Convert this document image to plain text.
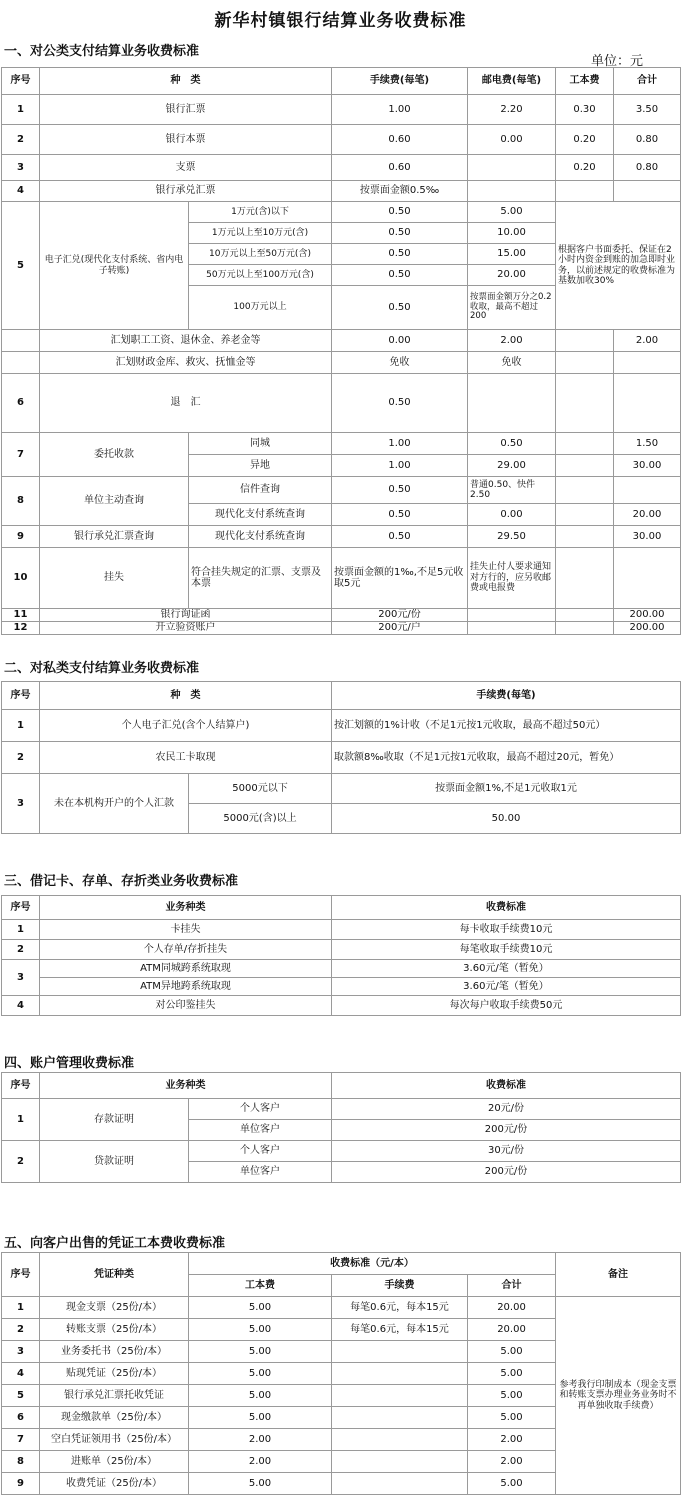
新华村镇银行结算业务收费标准
一、对公类支付结算业务收费标准
单位：元
序号	种　类		手续费(每笔)	邮电费(每笔)	工本费	合计
1	银行汇票		1.00	2.20	0.30	3.50
2	银行本票		0.60	0.00	0.20	0.80
3	支票		0.60		0.20	0.80
4	银行承兑汇票		按票面金额0.5‰			
5	电子汇兑(现代化支付系统、省内电子转账)	1万元(含)以下	0.50	5.00	根据客户书面委托、保证在2小时内资金到账的加急即时业务，以前述规定的收费标准为基数加收30%	
		1万元以上至10万元(含)	0.50	10.00		
		10万元以上至50万元(含)	0.50	15.00		
		50万元以上至100万元(含)	0.50	20.00		
		100万元以上	0.50	按票面金额万分之0.2收取，最高不超过200		
	汇划职工工资、退休金、养老金等		0.00	2.00		2.00
	汇划财政金库、救灾、抚恤金等		免收	免收		
6	退　汇		0.50			
7	委托收款	同城	1.00	0.50		1.50
		异地	1.00	29.00		30.00
8	单位主动查询	信件查询	0.50	普通0.50、快件2.50		
		现代化支付系统查询	0.50	0.00		20.00
9	银行承兑汇票查询	现代化支付系统查询	0.50	29.50		30.00
10	挂失	符合挂失规定的汇票、支票及本票	按票面金额的1‰,不足5元收取5元	挂失止付人要求通知对方行的，应另收邮费或电报费		
11	银行询证函		200元/份			200.00
12	开立验资账户		200元/户			200.00
二、对私类支付结算业务收费标准
序号	种　类		手续费(每笔)
1	个人电子汇兑(含个人结算户)		按汇划额的1%计收（不足1元按1元收取，最高不超过50元）
2	农民工卡取现		取款额8‰收取（不足1元按1元收取，最高不超过20元，暂免）
3	未在本机构开户的个人汇款	5000元以下	按票面金额1%,不足1元收取1元
		5000元(含)以上	50.00
三、借记卡、存单、存折类业务收费标准
序号	业务种类	收费标准
1	卡挂失	每卡收取手续费10元
2	个人存单/存折挂失	每笔收取手续费10元
3	ATM同城跨系统取现	3.60元/笔（暂免）
	ATM异地跨系统取现	3.60元/笔（暂免）
4	对公印鉴挂失	每次每户收取手续费50元
四、账户管理收费标准
序号	业务种类		收费标准
1	存款证明	个人客户	20元/份
		单位客户	200元/份
2	贷款证明	个人客户	30元/份
		单位客户	200元/份
五、向客户出售的凭证工本费收费标准
序号	凭证种类	收费标准（元/本）			备注
		工本费	手续费	合计	
1	现金支票（25份/本）	5.00	每笔0.6元，每本15元	20.00	参考我行印制成本（现金支票和转账支票办理业务业务时不再单独收取手续费）
2	转账支票（25份/本）	5.00	每笔0.6元，每本15元	20.00	
3	业务委托书（25份/本）	5.00		5.00	
4	贴现凭证（25份/本）	5.00		5.00	
5	银行承兑汇票托收凭证	5.00		5.00	
6	现金缴款单（25份/本）	5.00		5.00	
7	空白凭证领用书（25份/本）	2.00		2.00	
8	进账单（25份/本）	2.00		2.00	
9	收费凭证（25份/本）	5.00		5.00	
